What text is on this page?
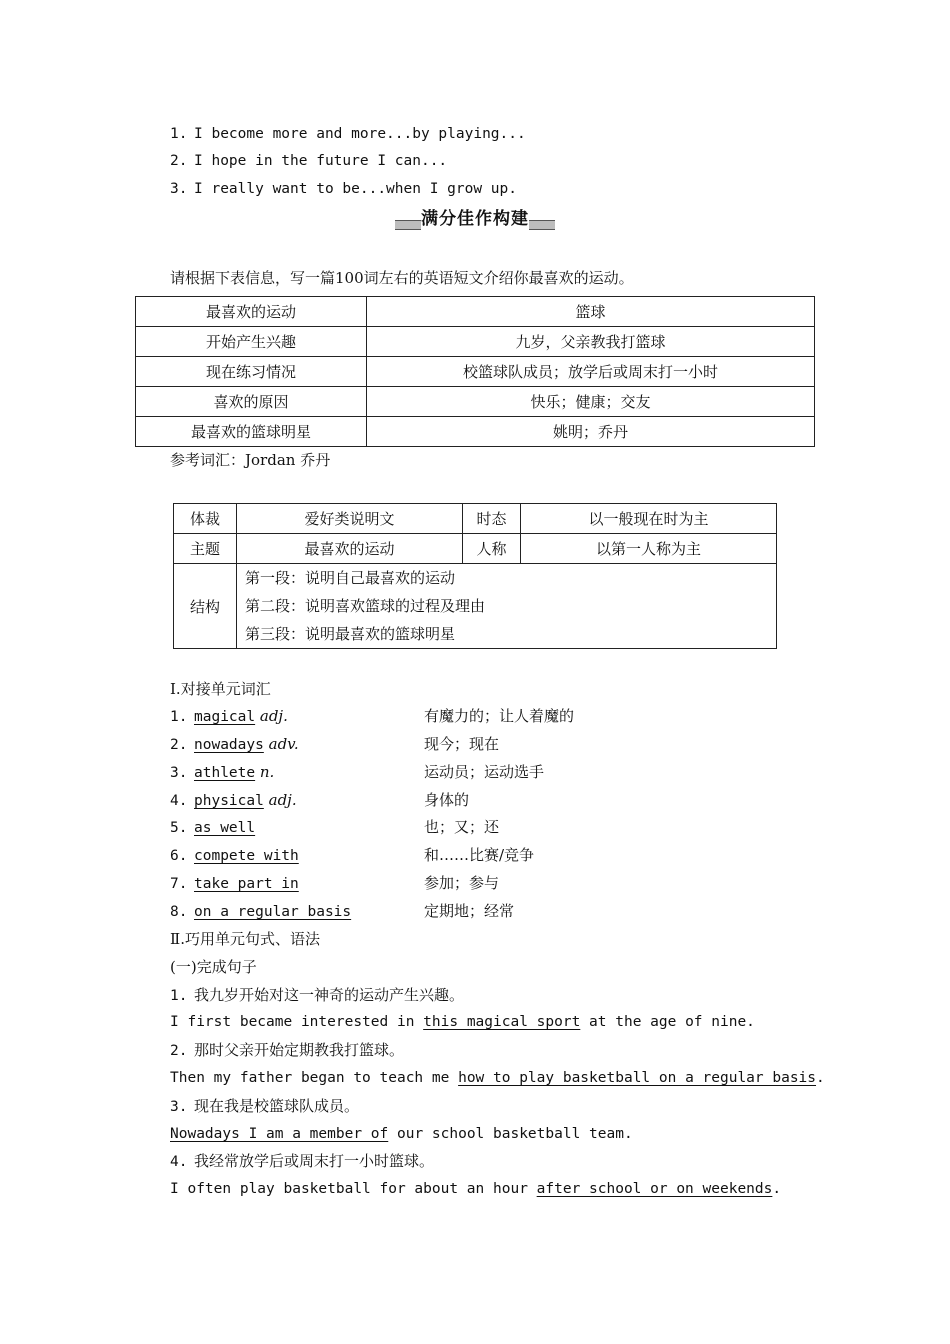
1. I become more and more...by playing...
2. I hope in the future I can...
3. I really want to be...when I grow up.
满分佳作构建
请根据下表信息，写一篇100词左右的英语短文介绍你最喜欢的运动。
最喜欢的运动	篮球
开始产生兴趣	九岁，父亲教我打篮球
现在练习情况	校篮球队成员；放学后或周末打一小时
喜欢的原因	快乐；健康；交友
最喜欢的篮球明星	姚明；乔丹
参考词汇：Jordan 乔丹
体裁	爱好类说明文	时态	以一般现在时为主
主题	最喜欢的运动	人称	以第一人称为主
结构	第一段：说明自己最喜欢的运动
第二段：说明喜欢篮球的过程及理由
第三段：说明最喜欢的篮球明星		
Ⅰ.对接单元词汇
1. magical adj.	有魔力的；让人着魔的
2. nowadays adv.	现今；现在
3. athlete n.	运动员；运动选手
4. physical adj.	身体的
5. as well	也；又；还
6. compete with	和……比赛/竞争
7. take part in	参加；参与
8. on a regular basis	定期地；经常
Ⅱ.巧用单元句式、语法
(一)完成句子
1. 我九岁开始对这一神奇的运动产生兴趣。
I first became interested in this magical sport at the age of nine.
2. 那时父亲开始定期教我打篮球。
Then my father began to teach me how to play basketball on a regular basis.
3. 现在我是校篮球队成员。
Nowadays I am a member of our school basketball team.
4. 我经常放学后或周末打一小时篮球。
I often play basketball for about an hour after school or on weekends.
